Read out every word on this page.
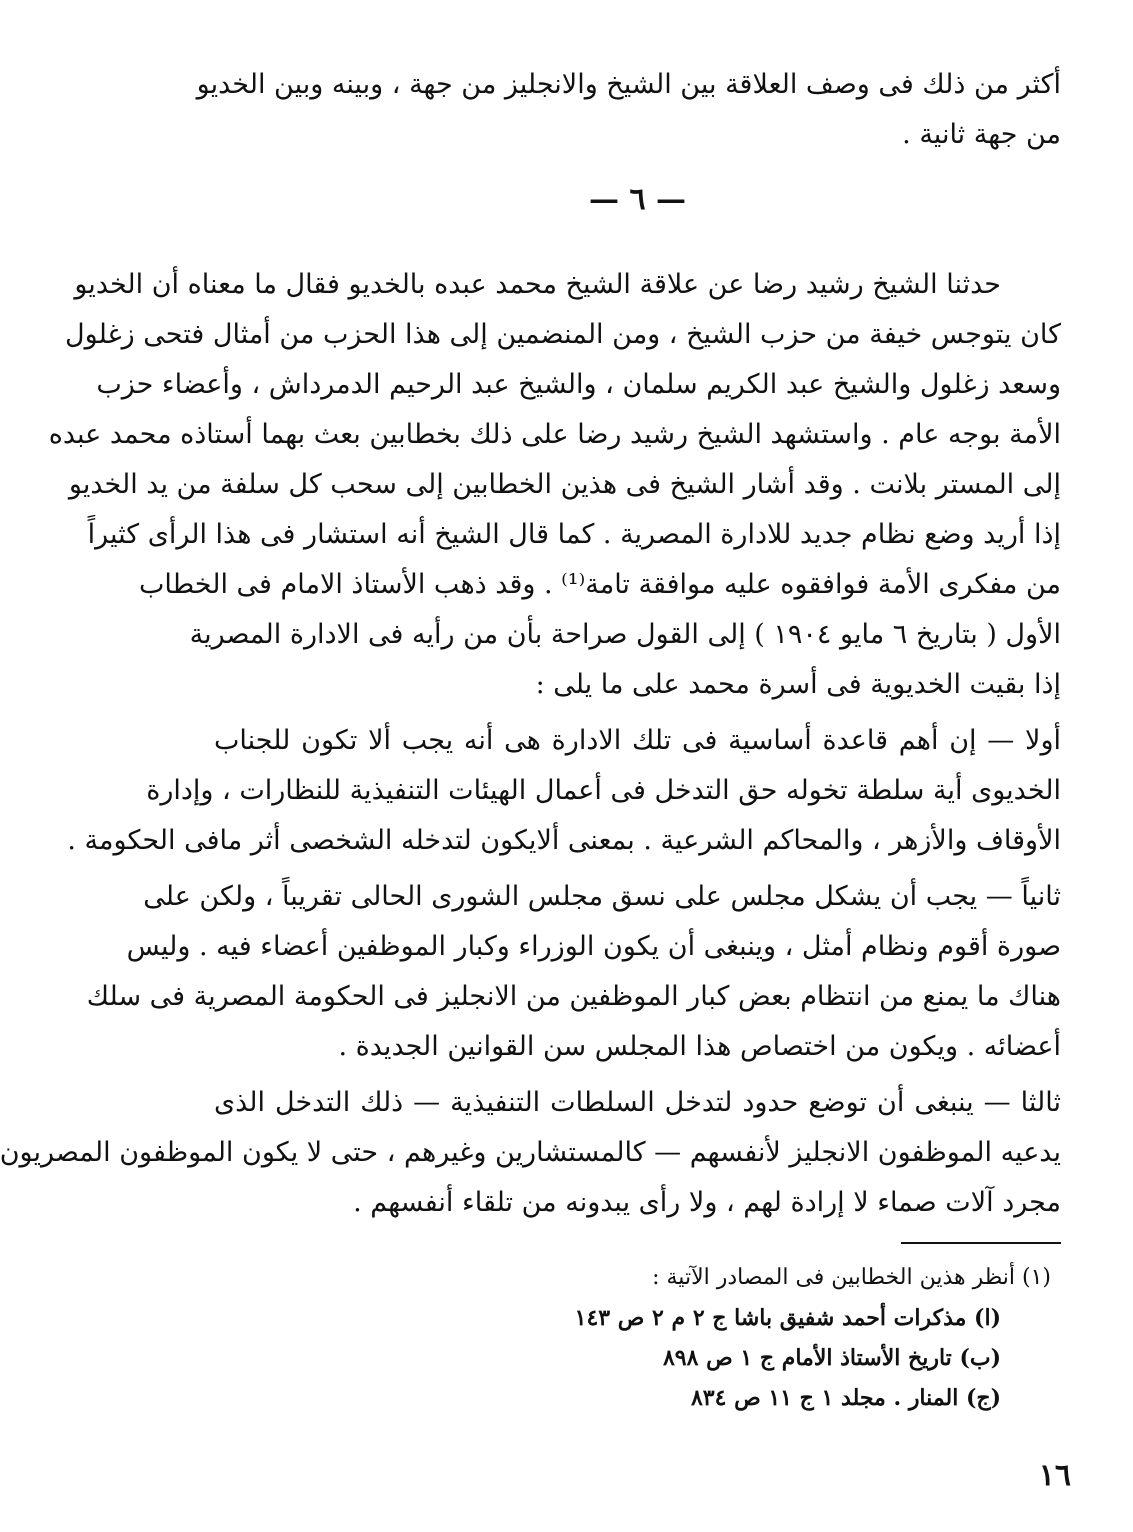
أكثر من ذلك فى وصف العلاقة بين الشيخ والانجليز من جهة ، وبينه وبين الخديو
من جهة ثانية .
— ٦ —
حدثنا الشيخ رشيد رضا عن علاقة الشيخ محمد عبده بالخديو فقال ما معناه أن الخديو
كان يتوجس خيفة من حزب الشيخ ، ومن المنضمين إلى هذا الحزب من أمثال فتحى زغلول
وسعد زغلول والشيخ عبد الكريم سلمان ، والشيخ عبد الرحيم الدمرداش ، وأعضاء حزب
الأمة بوجه عام . واستشهد الشيخ رشيد رضا على ذلك بخطابين بعث بهما أستاذه محمد عبده
إلى المستر بلانت . وقد أشار الشيخ فى هذين الخطابين إلى سحب كل سلفة من يد الخديو
إذا أريد وضع نظام جديد للادارة المصرية . كما قال الشيخ أنه استشار فى هذا الرأى كثيراً
من مفكرى الأمة فوافقوه عليه موافقة تامة⁽¹⁾ . وقد ذهب الأستاذ الامام فى الخطاب
الأول ( بتاريخ ٦ مايو ١٩٠٤ ) إلى القول صراحة بأن من رأيه فى الادارة المصرية
إذا بقيت الخديوية فى أسرة محمد على ما يلى :
أولا — إن أهم قاعدة أساسية فى تلك الادارة هى أنه يجب ألا تكون للجناب
الخديوى أية سلطة تخوله حق التدخل فى أعمال الهيئات التنفيذية للنظارات ، وإدارة
الأوقاف والأزهر ، والمحاكم الشرعية . بمعنى ألايكون لتدخله الشخصى أثر مافى الحكومة .
ثانياً — يجب أن يشكل مجلس على نسق مجلس الشورى الحالى تقريباً ، ولكن على
صورة أقوم ونظام أمثل ، وينبغى أن يكون الوزراء وكبار الموظفين أعضاء فيه . وليس
هناك ما يمنع من انتظام بعض كبار الموظفين من الانجليز فى الحكومة المصرية فى سلك
أعضائه . ويكون من اختصاص هذا المجلس سن القوانين الجديدة .
ثالثا — ينبغى أن توضع حدود لتدخل السلطات التنفيذية — ذلك التدخل الذى
يدعيه الموظفون الانجليز لأنفسهم — كالمستشارين وغيرهم ، حتى لا يكون الموظفون المصريون
مجرد آلات صماء لا إرادة لهم ، ولا رأى يبدونه من تلقاء أنفسهم .
(١) أنظر هذين الخطابين فى المصادر الآتية :
(ا) مذكرات أحمد شفيق باشا ج ٢ م ٢ ص ١٤٣
(ب) تاريخ الأستاذ الأمام ج ١ ص ٨٩٨
(ج) المنار . مجلد ١ ج ١١ ص ٨٣٤
١٦
